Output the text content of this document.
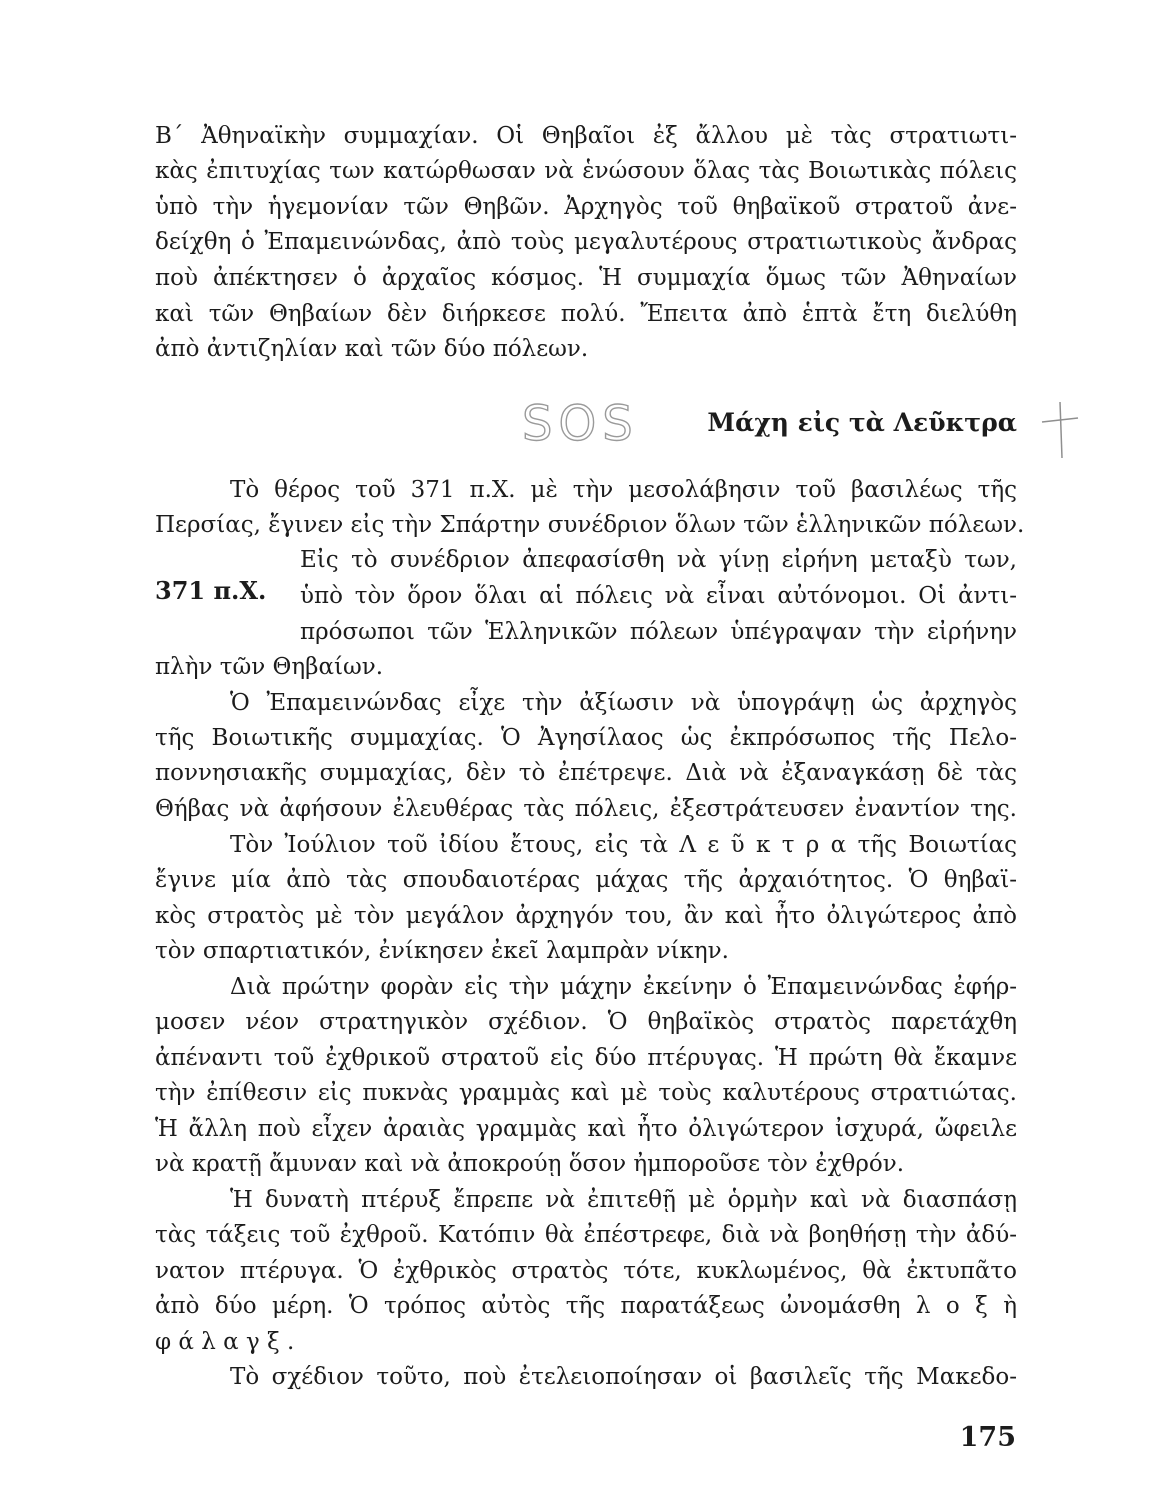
Β΄ Ἀθηναϊκὴν συμμαχίαν. Οἱ Θηβαῖοι ἐξ ἄλλου μὲ τὰς στρατιωτι-
κὰς ἐπιτυχίας των κατώρθωσαν νὰ ἑνώσουν ὅλας τὰς Βοιωτικὰς πόλεις
ὑπὸ τὴν ἡγεμονίαν τῶν Θηβῶν. Ἀρχηγὸς τοῦ θηβαϊκοῦ στρατοῦ ἀνε-
δείχθη ὁ Ἐπαμεινώνδας, ἀπὸ τοὺς μεγαλυτέρους στρατιωτικοὺς ἄνδρας
ποὺ ἀπέκτησεν ὁ ἀρχαῖος κόσμος. Ἡ συμμαχία ὅμως τῶν Ἀθηναίων
καὶ τῶν Θηβαίων δὲν διήρκεσε πολύ. Ἔπειτα ἀπὸ ἑπτὰ ἔτη διελύθη
ἀπὸ ἀντιζηλίαν καὶ τῶν δύο πόλεων.
SOS	Μάχη εἰς τὰ Λεῦκτρα
Τὸ θέρος τοῦ 371 π.Χ. μὲ τὴν μεσολάβησιν τοῦ βασιλέως τῆς
Περσίας, ἔγινεν εἰς τὴν Σπάρτην συνέδριον ὅλων τῶν ἑλληνικῶν πόλεων.
Εἰς τὸ συνέδριον ἀπεφασίσθη νὰ γίνῃ εἰρήνη μεταξὺ των,
371 π.Χ. ὑπὸ τὸν ὅρον ὅλαι αἱ πόλεις νὰ εἶναι αὐτόνομοι. Οἱ ἀντι-
πρόσωποι τῶν Ἑλληνικῶν πόλεων ὑπέγραψαν τὴν εἰρήνην
πλὴν τῶν Θηβαίων.
Ὁ Ἐπαμεινώνδας εἶχε τὴν ἀξίωσιν νὰ ὑπογράψῃ ὡς ἀρχηγὸς
τῆς Βοιωτικῆς συμμαχίας. Ὁ Ἀγησίλαος ὡς ἐκπρόσωπος τῆς Πελο-
ποννησιακῆς συμμαχίας, δὲν τὸ ἐπέτρεψε. Διὰ νὰ ἐξαναγκάσῃ δὲ τὰς
Θήβας νὰ ἀφήσουν ἐλευθέρας τὰς πόλεις, ἐξεστράτευσεν ἐναντίον της.
Τὸν Ἰούλιον τοῦ ἰδίου ἔτους, εἰς τὰ Λ ε ῦ κ τ ρ α τῆς Βοιωτίας
ἔγινε μία ἀπὸ τὰς σπουδαιοτέρας μάχας τῆς ἀρχαιότητος. Ὁ θηβαϊ-
κὸς στρατὸς μὲ τὸν μεγάλον ἀρχηγόν του, ἂν καὶ ἦτο ὀλιγώτερος ἀπὸ
τὸν σπαρτιατικόν, ἐνίκησεν ἐκεῖ λαμπρὰν νίκην.
Διὰ πρώτην φορὰν εἰς τὴν μάχην ἐκείνην ὁ Ἐπαμεινώνδας ἐφήρ-
μοσεν νέον στρατηγικὸν σχέδιον. Ὁ θηβαϊκὸς στρατὸς παρετάχθη
ἀπέναντι τοῦ ἐχθρικοῦ στρατοῦ εἰς δύο πτέρυγας. Ἡ πρώτη θὰ ἔκαμνε
τὴν ἐπίθεσιν εἰς πυκνὰς γραμμὰς καὶ μὲ τοὺς καλυτέρους στρατιώτας.
Ἡ ἄλλη ποὺ εἶχεν ἀραιὰς γραμμὰς καὶ ἦτο ὀλιγώτερον ἰσχυρά, ὤφειλε
νὰ κρατῇ ἄμυναν καὶ νὰ ἀποκρούῃ ὅσον ἠμποροῦσε τὸν ἐχθρόν.
Ἡ δυνατὴ πτέρυξ ἔπρεπε νὰ ἐπιτεθῇ μὲ ὁρμὴν καὶ νὰ διασπάσῃ
τὰς τάξεις τοῦ ἐχθροῦ. Κατόπιν θὰ ἐπέστρεφε, διὰ νὰ βοηθήσῃ τὴν ἀδύ-
νατον πτέρυγα. Ὁ ἐχθρικὸς στρατὸς τότε, κυκλωμένος, θὰ ἐκτυπᾶτο
ἀπὸ δύο μέρη. Ὁ τρόπος αὐτὸς τῆς παρατάξεως ὠνομάσθη λ ο ξ ὴ
φ ά λ α γ ξ .
Τὸ σχέδιον τοῦτο, ποὺ ἐτελειοποίησαν οἱ βασιλεῖς τῆς Μακεδο-
175
